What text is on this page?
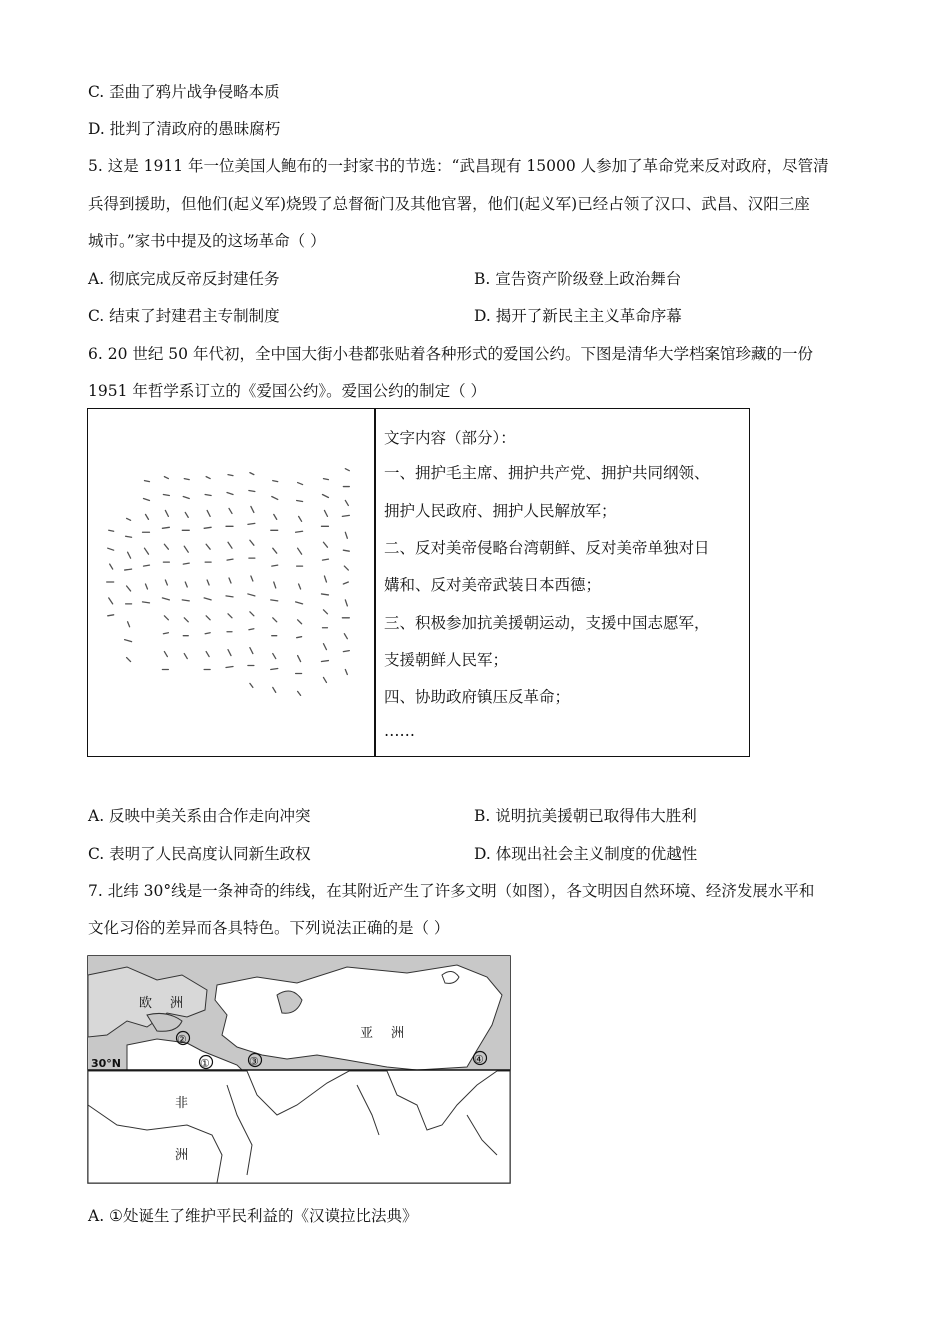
C. 歪曲了鸦片战争侵略本质
D. 批判了清政府的愚昧腐朽
5. 这是 1911 年一位美国人鲍布的一封家书的节选：“武昌现有 15000 人参加了革命党来反对政府，尽管清
兵得到援助，但他们(起义军)烧毁了总督衙门及其他官署，他们(起义军)已经占领了汉口、武昌、汉阳三座
城市。”家书中提及的这场革命（ ）
A. 彻底完成反帝反封建任务	B. 宣告资产阶级登上政治舞台
C. 结束了封建君主专制制度	D. 揭开了新民主主义革命序幕
6. 20 世纪 50 年代初，全中国大街小巷都张贴着各种形式的爱国公约。下图是清华大学档案馆珍藏的一份
1951 年哲学系订立的《爱国公约》。爱国公约的制定（ ）
文字内容（部分）：
一、拥护毛主席、拥护共产党、拥护共同纲领、
拥护人民政府、拥护人民解放军；
二、反对美帝侵略台湾朝鲜、反对美帝单独对日
媾和、反对美帝武装日本西德；
三、积极参加抗美援朝运动，支援中国志愿军，
支援朝鲜人民军；
四、协助政府镇压反革命；
……
A. 反映中美关系由合作走向冲突	B. 说明抗美援朝已取得伟大胜利
C. 表明了人民高度认同新生政权	D. 体现出社会主义制度的优越性
7. 北纬 30°线是一条神奇的纬线，在其附近产生了许多文明（如图），各文明因自然环境、经济发展水平和
文化习俗的差异而各具特色。下列说法正确的是（ ）
欧 洲
亚 洲
非
洲
30°N	①
②
③	④
A. ①处诞生了维护平民利益的《汉谟拉比法典》
